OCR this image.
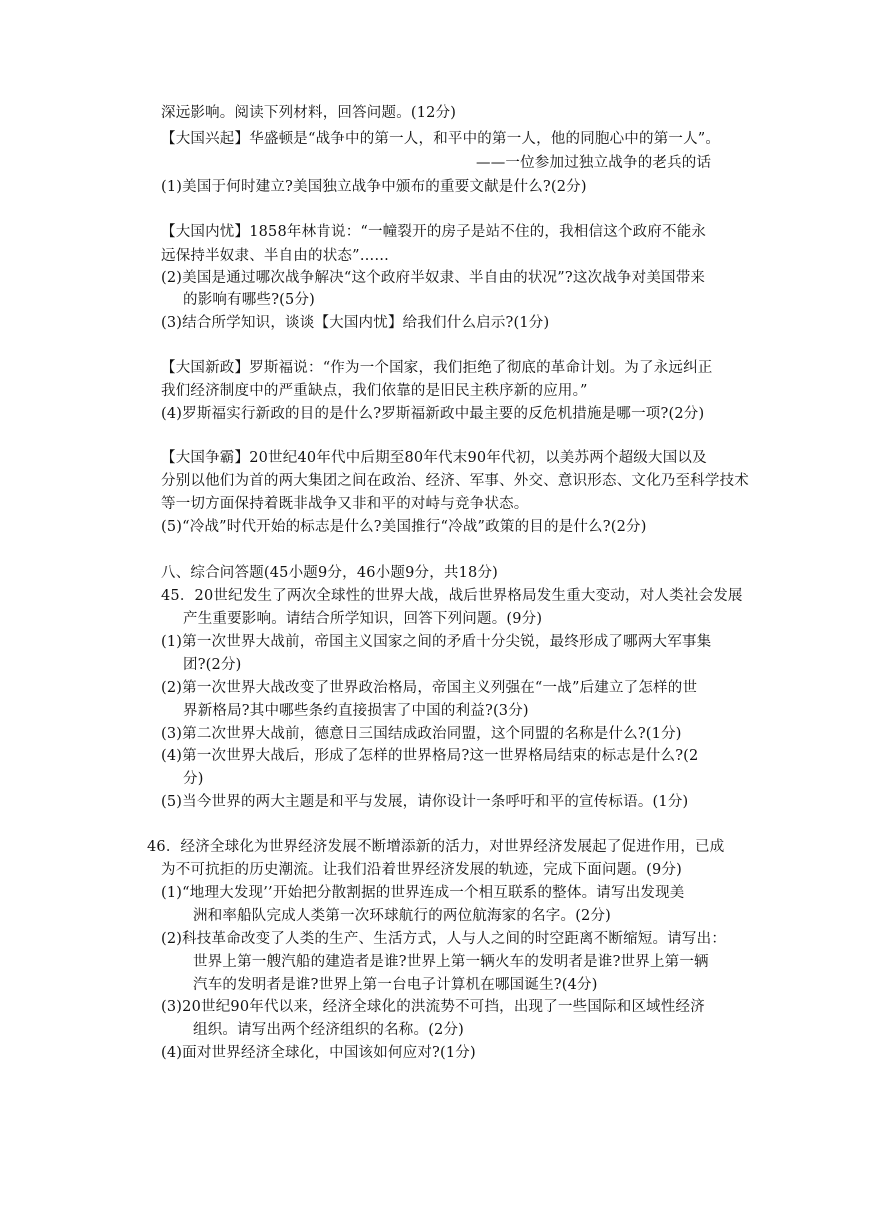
深远影响。阅读下列材料，回答问题。(12分)
【大国兴起】华盛顿是“战争中的第一人，和平中的第一人，他的同胞心中的第一人”。
——一位参加过独立战争的老兵的话
(1)美国于何时建立?美国独立战争中颁布的重要文献是什么?(2分)
【大国内忧】1858年林肯说：“一幢裂开的房子是站不住的，我相信这个政府不能永
远保持半奴隶、半自由的状态”……
(2)美国是通过哪次战争解决“这个政府半奴隶、半自由的状况”?这次战争对美国带来
的影响有哪些?(5分)
(3)结合所学知识，谈谈【大国内忧】给我们什么启示?(1分)
【大国新政】罗斯福说：“作为一个国家，我们拒绝了彻底的革命计划。为了永远纠正
我们经济制度中的严重缺点，我们依靠的是旧民主秩序新的应用。”
(4)罗斯福实行新政的目的是什么?罗斯福新政中最主要的反危机措施是哪一项?(2分)
【大国争霸】20世纪40年代中后期至80年代末90年代初，以美苏两个超级大国以及
分别以他们为首的两大集团之间在政治、经济、军事、外交、意识形态、文化乃至科学技术
等一切方面保持着既非战争又非和平的对峙与竞争状态。
(5)“冷战”时代开始的标志是什么?美国推行“冷战”政策的目的是什么?(2分)
八、综合问答题(45小题9分，46小题9分，共18分)
45．20世纪发生了两次全球性的世界大战，战后世界格局发生重大变动，对人类社会发展
产生重要影响。请结合所学知识，回答下列问题。(9分)
(1)第一次世界大战前，帝国主义国家之间的矛盾十分尖锐，最终形成了哪两大军事集
团?(2分)
(2)第一次世界大战改变了世界政治格局，帝国主义列强在“一战”后建立了怎样的世
界新格局?其中哪些条约直接损害了中国的利益?(3分)
(3)第二次世界大战前，德意日三国结成政治同盟，这个同盟的名称是什么?(1分)
(4)第一次世界大战后，形成了怎样的世界格局?这一世界格局结束的标志是什么?(2
分)
(5)当今世界的两大主题是和平与发展，请你设计一条呼吁和平的宣传标语。(1分)
46．经济全球化为世界经济发展不断增添新的活力，对世界经济发展起了促进作用，已成
为不可抗拒的历史潮流。让我们沿着世界经济发展的轨迹，完成下面问题。(9分)
(1)“地理大发现’’开始把分散割据的世界连成一个相互联系的整体。请写出发现美
洲和率船队完成人类第一次环球航行的两位航海家的名字。(2分)
(2)科技革命改变了人类的生产、生活方式，人与人之间的时空距离不断缩短。请写出：
世界上第一艘汽船的建造者是谁?世界上第一辆火车的发明者是谁?世界上第一辆
汽车的发明者是谁?世界上第一台电子计算机在哪国诞生?(4分)
(3)20世纪90年代以来，经济全球化的洪流势不可挡，出现了一些国际和区域性经济
组织。请写出两个经济组织的名称。(2分)
(4)面对世界经济全球化，中国该如何应对?(1分)
